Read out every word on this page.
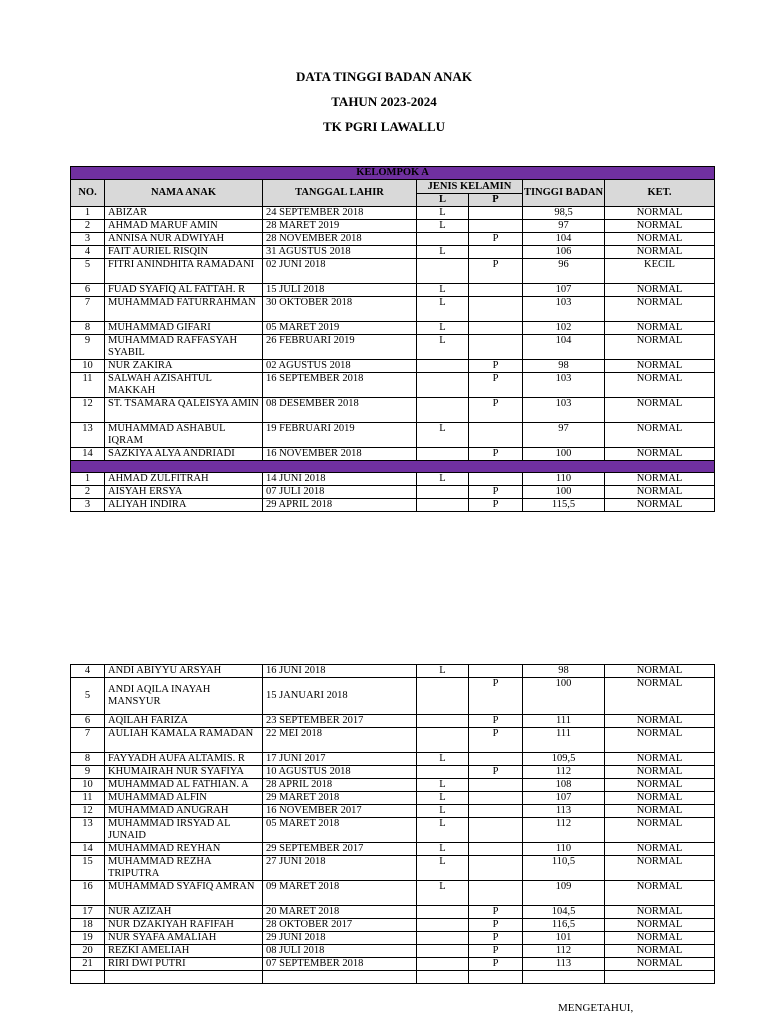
DATA TINGGI BADAN ANAK
TAHUN 2023-2024
TK PGRI LAWALLU
KELOMPOK A						
NO.	NAMA ANAK	TANGGAL LAHIR	JENIS KELAMIN		TINGGI BADAN	KET.
			L	P		
1	ABIZAR	24 SEPTEMBER 2018	L		98,5	NORMAL
2	AHMAD MARUF AMIN	28 MARET 2019	L		97	NORMAL
3	ANNISA NUR ADWIYAH	28 NOVEMBER 2018		P	104	NORMAL
4	FAIT AURIEL RISQIN	31 AGUSTUS 2018	L		106	NORMAL
5	FITRI ANINDHITA RAMADANI	02 JUNI 2018		P	96	KECIL
6	FUAD SYAFIQ AL FATTAH. R	15 JULI 2018	L		107	NORMAL
7	MUHAMMAD FATURRAHMAN	30 OKTOBER 2018	L		103	NORMAL
8	MUHAMMAD GIFARI	05 MARET 2019	L		102	NORMAL
9	MUHAMMAD RAFFASYAH SYABIL	26 FEBRUARI 2019	L		104	NORMAL
10	NUR ZAKIRA	02 AGUSTUS 2018		P	98	NORMAL
11	SALWAH AZISAHTUL MAKKAH	16 SEPTEMBER 2018		P	103	NORMAL
12	ST. TSAMARA QALEISYA AMIN	08 DESEMBER 2018		P	103	NORMAL
13	MUHAMMAD ASHABUL IQRAM	19 FEBRUARI 2019	L		97	NORMAL
14	SAZKIYA ALYA ANDRIADI	16 NOVEMBER 2018		P	100	NORMAL

1	AHMAD ZULFITRAH	14 JUNI 2018	L		110	NORMAL
2	AISYAH ERSYA	07 JULI 2018		P	100	NORMAL
3	ALIYAH INDIRA	29 APRIL 2018		P	115,5	NORMAL
4	ANDI ABIYYU ARSYAH	16 JUNI 2018	L		98	NORMAL
5	ANDI AQILA INAYAH MANSYUR	15 JANUARI 2018		P	100	NORMAL
6	AQILAH FARIZA	23 SEPTEMBER 2017		P	111	NORMAL
7	AULIAH KAMALA RAMADAN	22 MEI 2018		P	111	NORMAL
8	FAYYADH AUFA ALTAMIS. R	17 JUNI 2017	L		109,5	NORMAL
9	KHUMAIRAH NUR SYAFIYA	10 AGUSTUS 2018		P	112	NORMAL
10	MUHAMMAD AL FATHIAN. A	28 APRIL 2018	L		108	NORMAL
11	MUHAMMAD ALFIN	29 MARET 2018	L		107	NORMAL
12	MUHAMMAD ANUGRAH	16 NOVEMBER 2017	L		113	NORMAL
13	MUHAMMAD IRSYAD AL JUNAID	05 MARET 2018	L		112	NORMAL
14	MUHAMMAD REYHAN	29 SEPTEMBER 2017	L		110	NORMAL
15	MUHAMMAD REZHA TRIPUTRA	27 JUNI 2018	L		110,5	NORMAL
16	MUHAMMAD SYAFIQ AMRAN	09 MARET 2018	L		109	NORMAL
17	NUR AZIZAH	20 MARET 2018		P	104,5	NORMAL
18	NUR DZAKIYAH RAFIFAH	28 OKTOBER 2017		P	116,5	NORMAL
19	NUR SYAFA AMALIAH	29 JUNI 2018		P	101	NORMAL
20	REZKI AMELIAH	08 JULI 2018		P	112	NORMAL
21	RIRI DWI PUTRI	07 SEPTEMBER 2018		P	113	NORMAL

MENGETAHUI,
